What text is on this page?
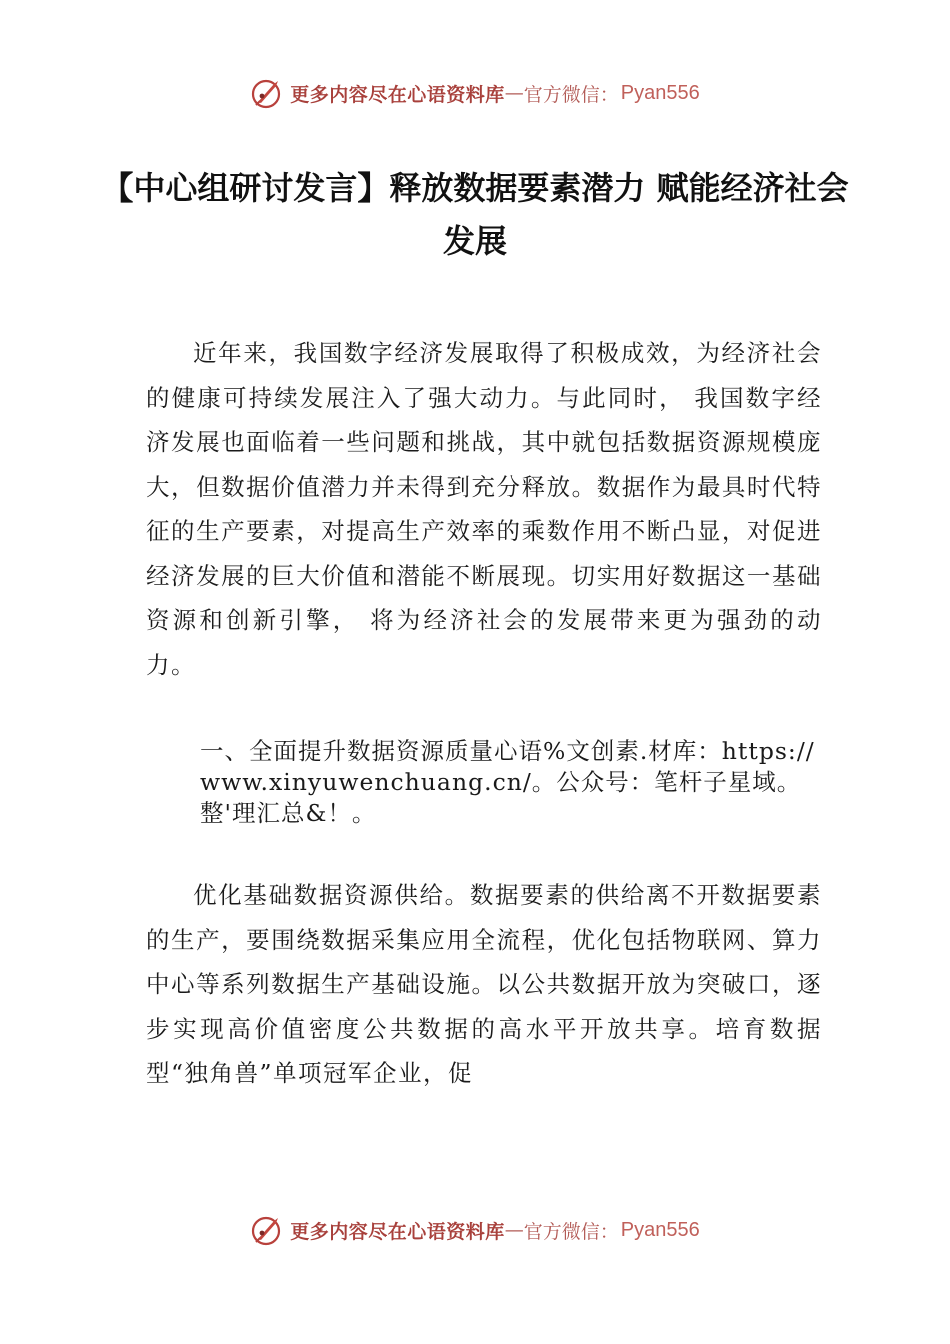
更多内容尽在心语资料库 — 官方微信： Pyan556
【中心组研讨发言】释放数据要素潜力 赋能经济社会发展
近年来，我国数字经济发展取得了积极成效，为经济社会的健康可持续发展注入了强大动力。与此同时， 我国数字经济发展也面临着一些问题和挑战，其中就包括数据资源规模庞大，但数据价值潜力并未得到充分释放。数据作为最具时代特征的生产要素，对提高生产效率的乘数作用不断凸显，对促进经济发展的巨大价值和潜能不断展现。切实用好数据这一基础资源和创新引擎， 将为经济社会的发展带来更为强劲的动力。
一、全面提升数据资源质量心语%文创素.材库：https://www.xinyuwenchuang.cn/。公众号：笔杆子星域。整'理汇总&！。
优化基础数据资源供给。数据要素的供给离不开数据要素的生产，要围绕数据采集应用全流程，优化包括物联网、算力中心等系列数据生产基础设施。以公共数据开放为突破口，逐步实现高价值密度公共数据的高水平开放共享。培育数据型“独角兽”单项冠军企业，促
更多内容尽在心语资料库 — 官方微信： Pyan556
